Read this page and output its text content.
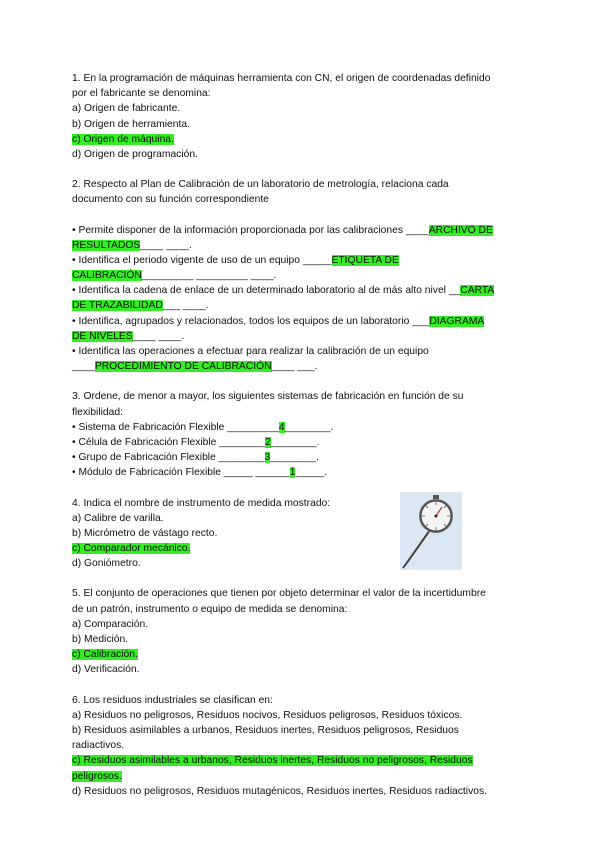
1. En la programación de máquinas herramienta con CN, el origen de coordenadas definido
por el fabricante se denomina:
a) Origen de fabricante.
b) Origen de herramienta.
c) Origen de máquina.
d) Origen de programación.
2. Respecto al Plan de Calibración de un laboratorio de metrología, relaciona cada
documento con su función correspondiente
• Permite disponer de la información proporcionada por las calibraciones ____ARCHIVO DE
RESULTADOS____ ____.
• Identifica el periodo vigente de uso de un equipo _____ETIQUETA DE
CALIBRACIÓN_________ _________ ____.
• Identifica la cadena de enlace de un determinado laboratorio al de más alto nivel __CARTA
DE TRAZABILIDAD___ ____.
• Identifica, agrupados y relacionados, todos los equipos de un laboratorio ___DIAGRAMA
DE NIVELES____ ____.
• Identifica las operaciones a efectuar para realizar la calibración de un equipo
____PROCEDIMIENTO DE CALIBRACIÓN____ ___.
3. Ordene, de menor a mayor, los siguientes sistemas de fabricación en función de su
flexibilidad:
• Sistema de Fabricación Flexible _________4________.
• Célula de Fabricación Flexible ________2________.
• Grupo de Fabricación Flexible ________3________.
• Módulo de Fabricación Flexible _____ ______1_____.
4. Indica el nombre de instrumento de medida mostrado:
a) Calibre de varilla.
b) Micrómetro de vástago recto.
c) Comparador mecánico.
d) Goniómetro.
5. El conjunto de operaciones que tienen por objeto determinar el valor de la incertidumbre
de un patrón, instrumento o equipo de medida se denomina:
a) Comparación.
b) Medición.
c) Calibración.
d) Verificación.
6. Los residuos industriales se clasifican en:
a) Residuos no peligrosos, Residuos nocivos, Residuos peligrosos, Residuos tóxicos.
b) Residuos asimilables a urbanos, Residuos inertes, Residuos peligrosos, Residuos
radiactivos.
c) Residuos asimilables a urbanos, Residuos inertes, Residuos no peligrosos, Residuos
peligrosos.
d) Residuos no peligrosos, Residuos mutagénicos, Residuos inertes, Residuos radiactivos.
